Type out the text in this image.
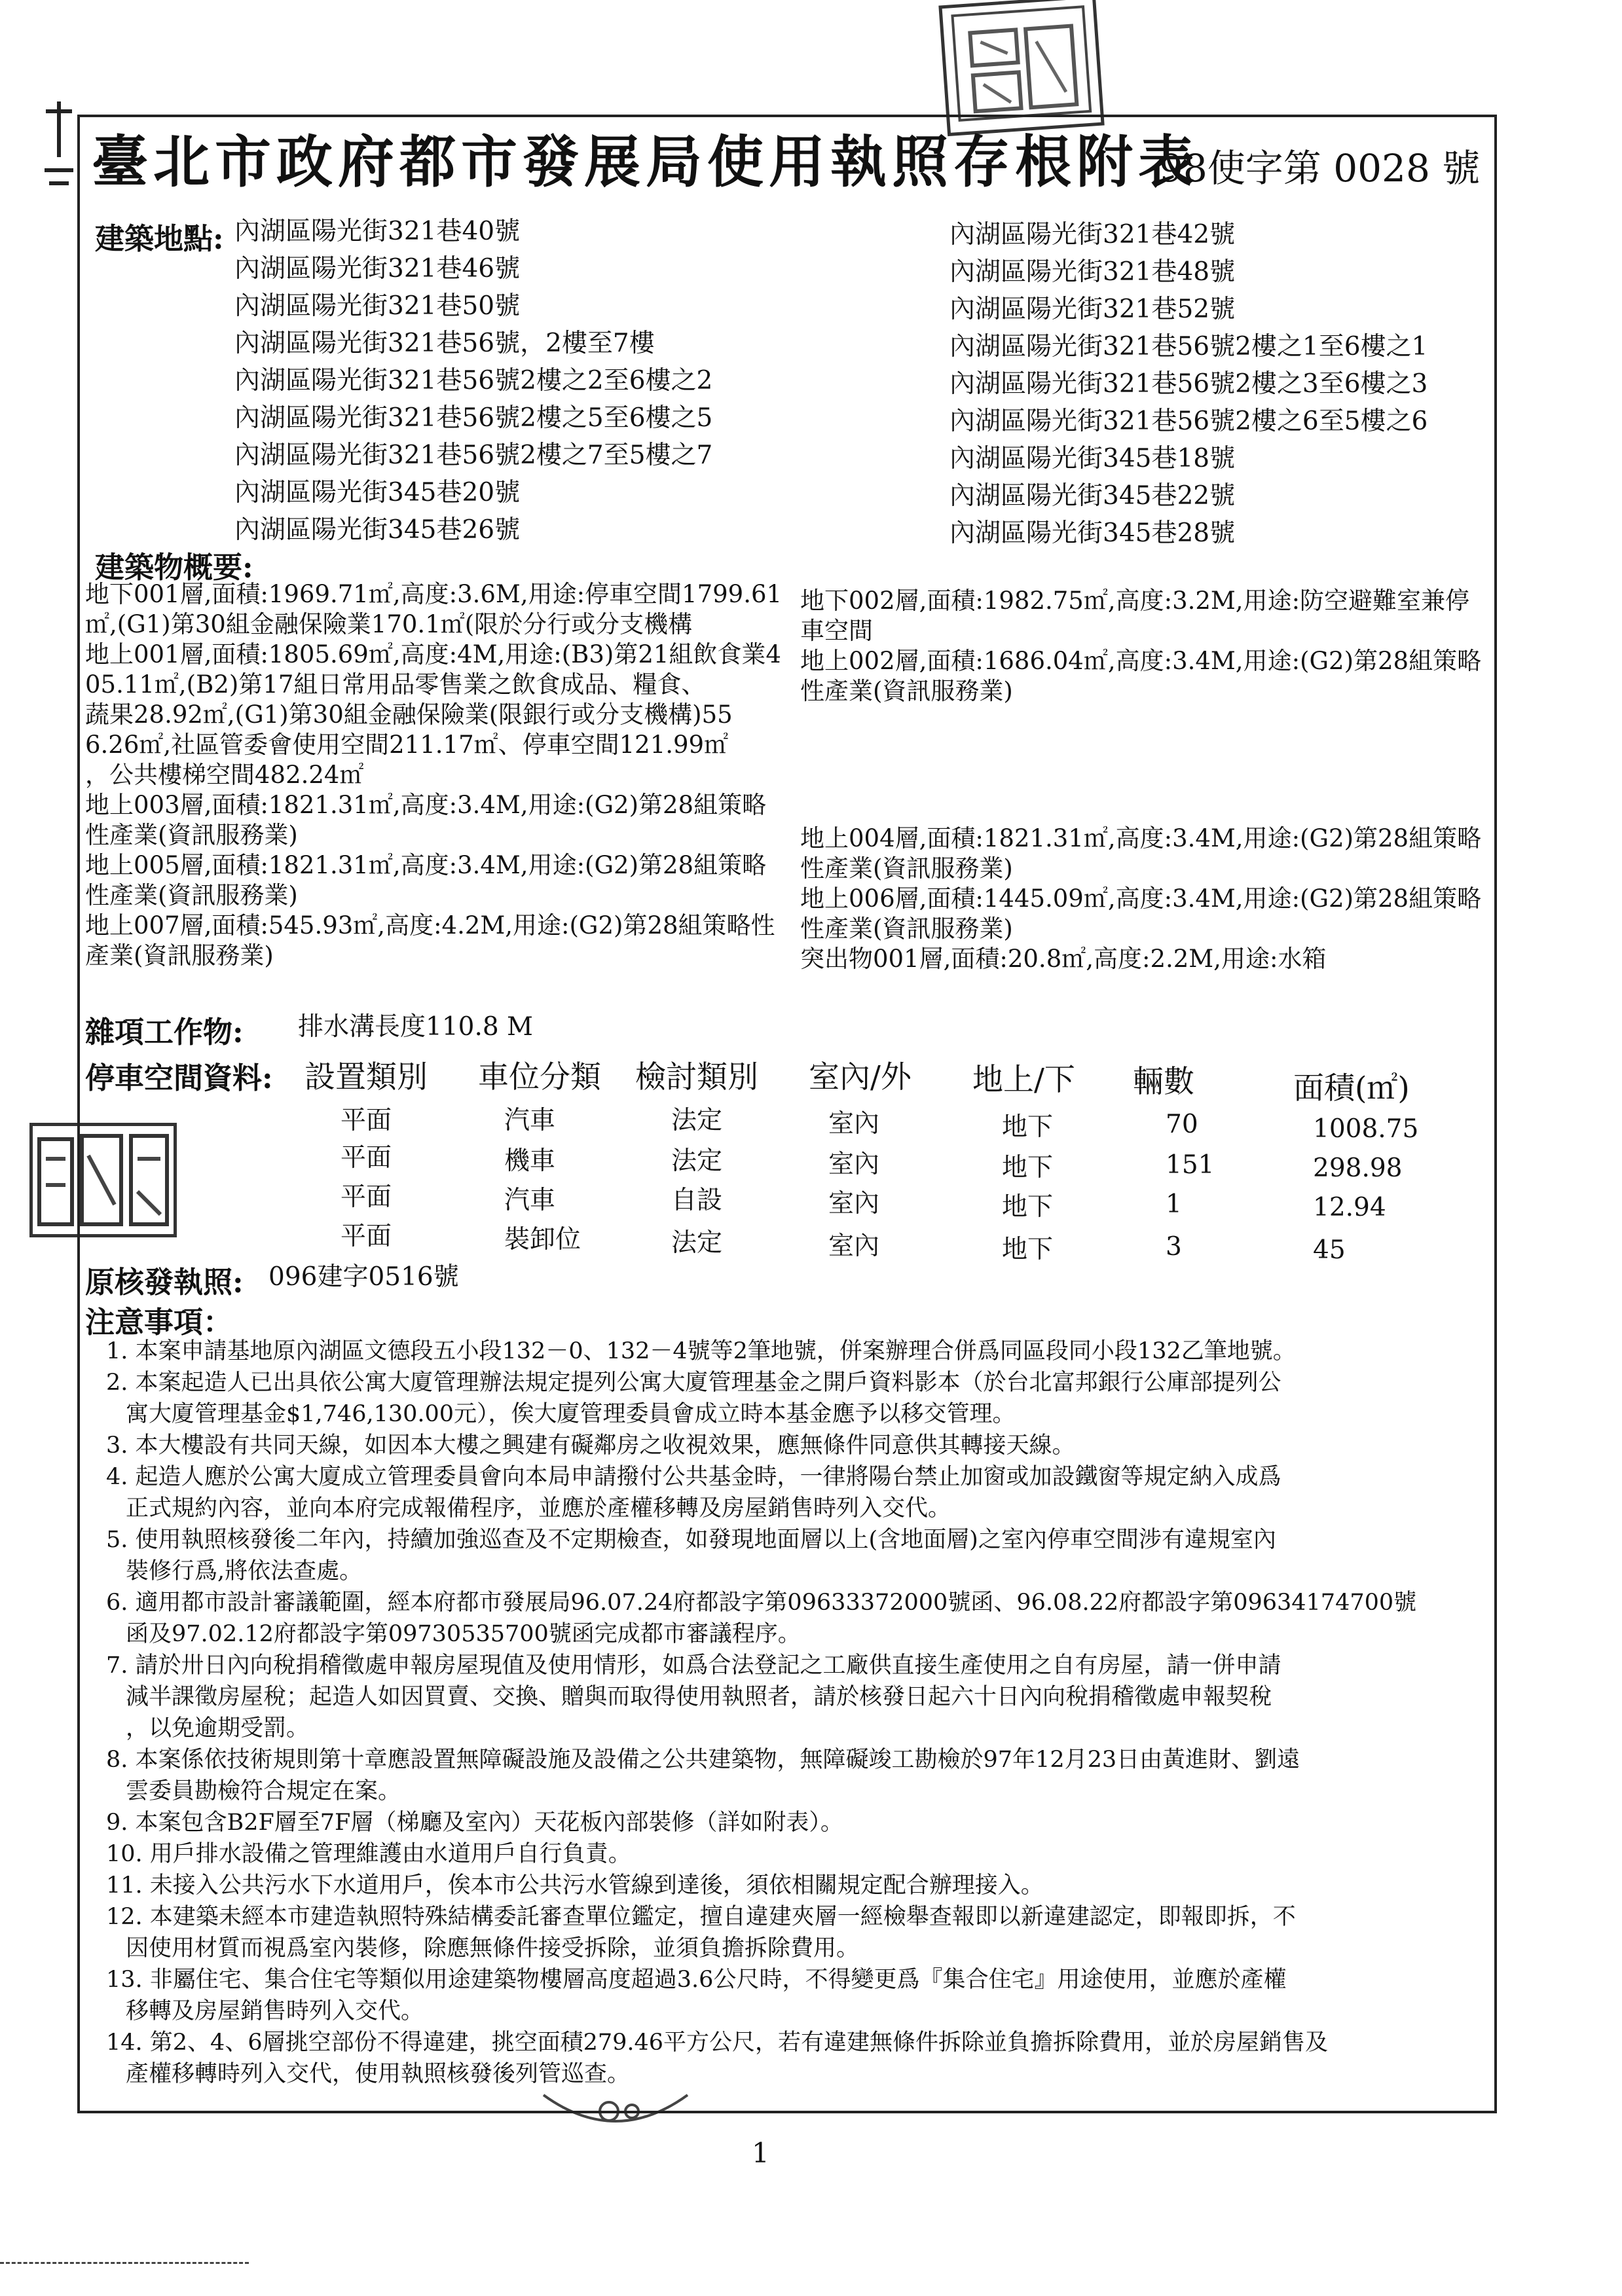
臺北市政府都市發展局使用執照存根附表
98使字第 0028 號
建築地點: 內湖區陽光街321巷40號
內湖區陽光街321巷46號
內湖區陽光街321巷50號
內湖區陽光街321巷56號，2樓至7樓
內湖區陽光街321巷56號2樓之2至6樓之2
內湖區陽光街321巷56號2樓之5至6樓之5
內湖區陽光街321巷56號2樓之7至5樓之7
內湖區陽光街345巷20號
內湖區陽光街345巷26號
內湖區陽光街321巷42號
內湖區陽光街321巷48號
內湖區陽光街321巷52號
內湖區陽光街321巷56號2樓之1至6樓之1
內湖區陽光街321巷56號2樓之3至6樓之3
內湖區陽光街321巷56號2樓之6至5樓之6
內湖區陽光街345巷18號
內湖區陽光街345巷22號
內湖區陽光街345巷28號
建築物概要:
地下001層,面積:1969.71㎡,高度:3.6M,用途:停車空間1799.61
㎡,(G1)第30組金融保險業170.1㎡(限於分行或分支機構
地上001層,面積:1805.69㎡,高度:4M,用途:(B3)第21組飲食業4
05.11㎡,(B2)第17組日常用品零售業之飲食成品、糧食、
蔬果28.92㎡,(G1)第30組金融保險業(限銀行或分支機構)55
6.26㎡,社區管委會使用空間211.17㎡、停車空間121.99㎡
，公共樓梯空間482.24㎡
地上003層,面積:1821.31㎡,高度:3.4M,用途:(G2)第28組策略
性產業(資訊服務業)
地上005層,面積:1821.31㎡,高度:3.4M,用途:(G2)第28組策略
性產業(資訊服務業)
地上007層,面積:545.93㎡,高度:4.2M,用途:(G2)第28組策略性
產業(資訊服務業)
地下002層,面積:1982.75㎡,高度:3.2M,用途:防空避難室兼停
車空間
地上002層,面積:1686.04㎡,高度:3.4M,用途:(G2)第28組策略
性產業(資訊服務業)
地上004層,面積:1821.31㎡,高度:3.4M,用途:(G2)第28組策略
性產業(資訊服務業)
地上006層,面積:1445.09㎡,高度:3.4M,用途:(G2)第28組策略
性產業(資訊服務業)
突出物001層,面積:20.8㎡,高度:2.2M,用途:水箱
雜項工作物: 排水溝長度110.8 M
停車空間資料: 設置類別 車位分類 檢討類別 室內/外 地上/下 輛數	面積(㎡)
平面	汽車	法定	室內	地下	70	1008.75
平面	機車	法定	室內	地下	151	298.98
平面	汽車	自設	室內	地下	1	12.94
平面	裝卸位	法定	室內	地下	3	45
原核發執照: 096建字0516號
注意事項：
1. 本案申請基地原內湖區文德段五小段132－0、132－4號等2筆地號，併案辦理合併爲同區段同小段132乙筆地號。
2. 本案起造人已出具依公寓大廈管理辦法規定提列公寓大廈管理基金之開戶資料影本（於台北富邦銀行公庫部提列公
寓大廈管理基金$1,746,130.00元），俟大廈管理委員會成立時本基金應予以移交管理。
3. 本大樓設有共同天線，如因本大樓之興建有礙鄰房之收視效果，應無條件同意供其轉接天線。
4. 起造人應於公寓大廈成立管理委員會向本局申請撥付公共基金時，一律將陽台禁止加窗或加設鐵窗等規定納入成爲
正式規約內容，並向本府完成報備程序，並應於產權移轉及房屋銷售時列入交代。
5. 使用執照核發後二年內，持續加強巡查及不定期檢查，如發現地面層以上(含地面層)之室內停車空間涉有違規室內
裝修行爲,將依法查處。
6. 適用都市設計審議範圍，經本府都市發展局96.07.24府都設字第09633372000號函、96.08.22府都設字第09634174700號
函及97.02.12府都設字第09730535700號函完成都市審議程序。
7. 請於卅日內向稅捐稽徵處申報房屋現值及使用情形，如爲合法登記之工廠供直接生產使用之自有房屋，請一併申請
減半課徵房屋稅；起造人如因買賣、交換、贈與而取得使用執照者，請於核發日起六十日內向稅捐稽徵處申報契稅
，以免逾期受罰。
8. 本案係依技術規則第十章應設置無障礙設施及設備之公共建築物，無障礙竣工勘檢於97年12月23日由黃進財、劉遠
雲委員勘檢符合規定在案。
9. 本案包含B2F層至7F層（梯廳及室內）天花板內部裝修（詳如附表）。
10. 用戶排水設備之管理維護由水道用戶自行負責。
11. 未接入公共污水下水道用戶，俟本市公共污水管線到達後，須依相關規定配合辦理接入。
12. 本建築未經本市建造執照特殊結構委託審查單位鑑定，擅自違建夾層一經檢舉查報即以新違建認定，即報即拆，不
因使用材質而視爲室內裝修，除應無條件接受拆除，並須負擔拆除費用。
13. 非屬住宅、集合住宅等類似用途建築物樓層高度超過3.6公尺時，不得變更爲『集合住宅』用途使用，並應於產權
移轉及房屋銷售時列入交代。
14. 第2、4、6層挑空部份不得違建，挑空面積279.46平方公尺，若有違建無條件拆除並負擔拆除費用，並於房屋銷售及
產權移轉時列入交代，使用執照核發後列管巡查。
1
